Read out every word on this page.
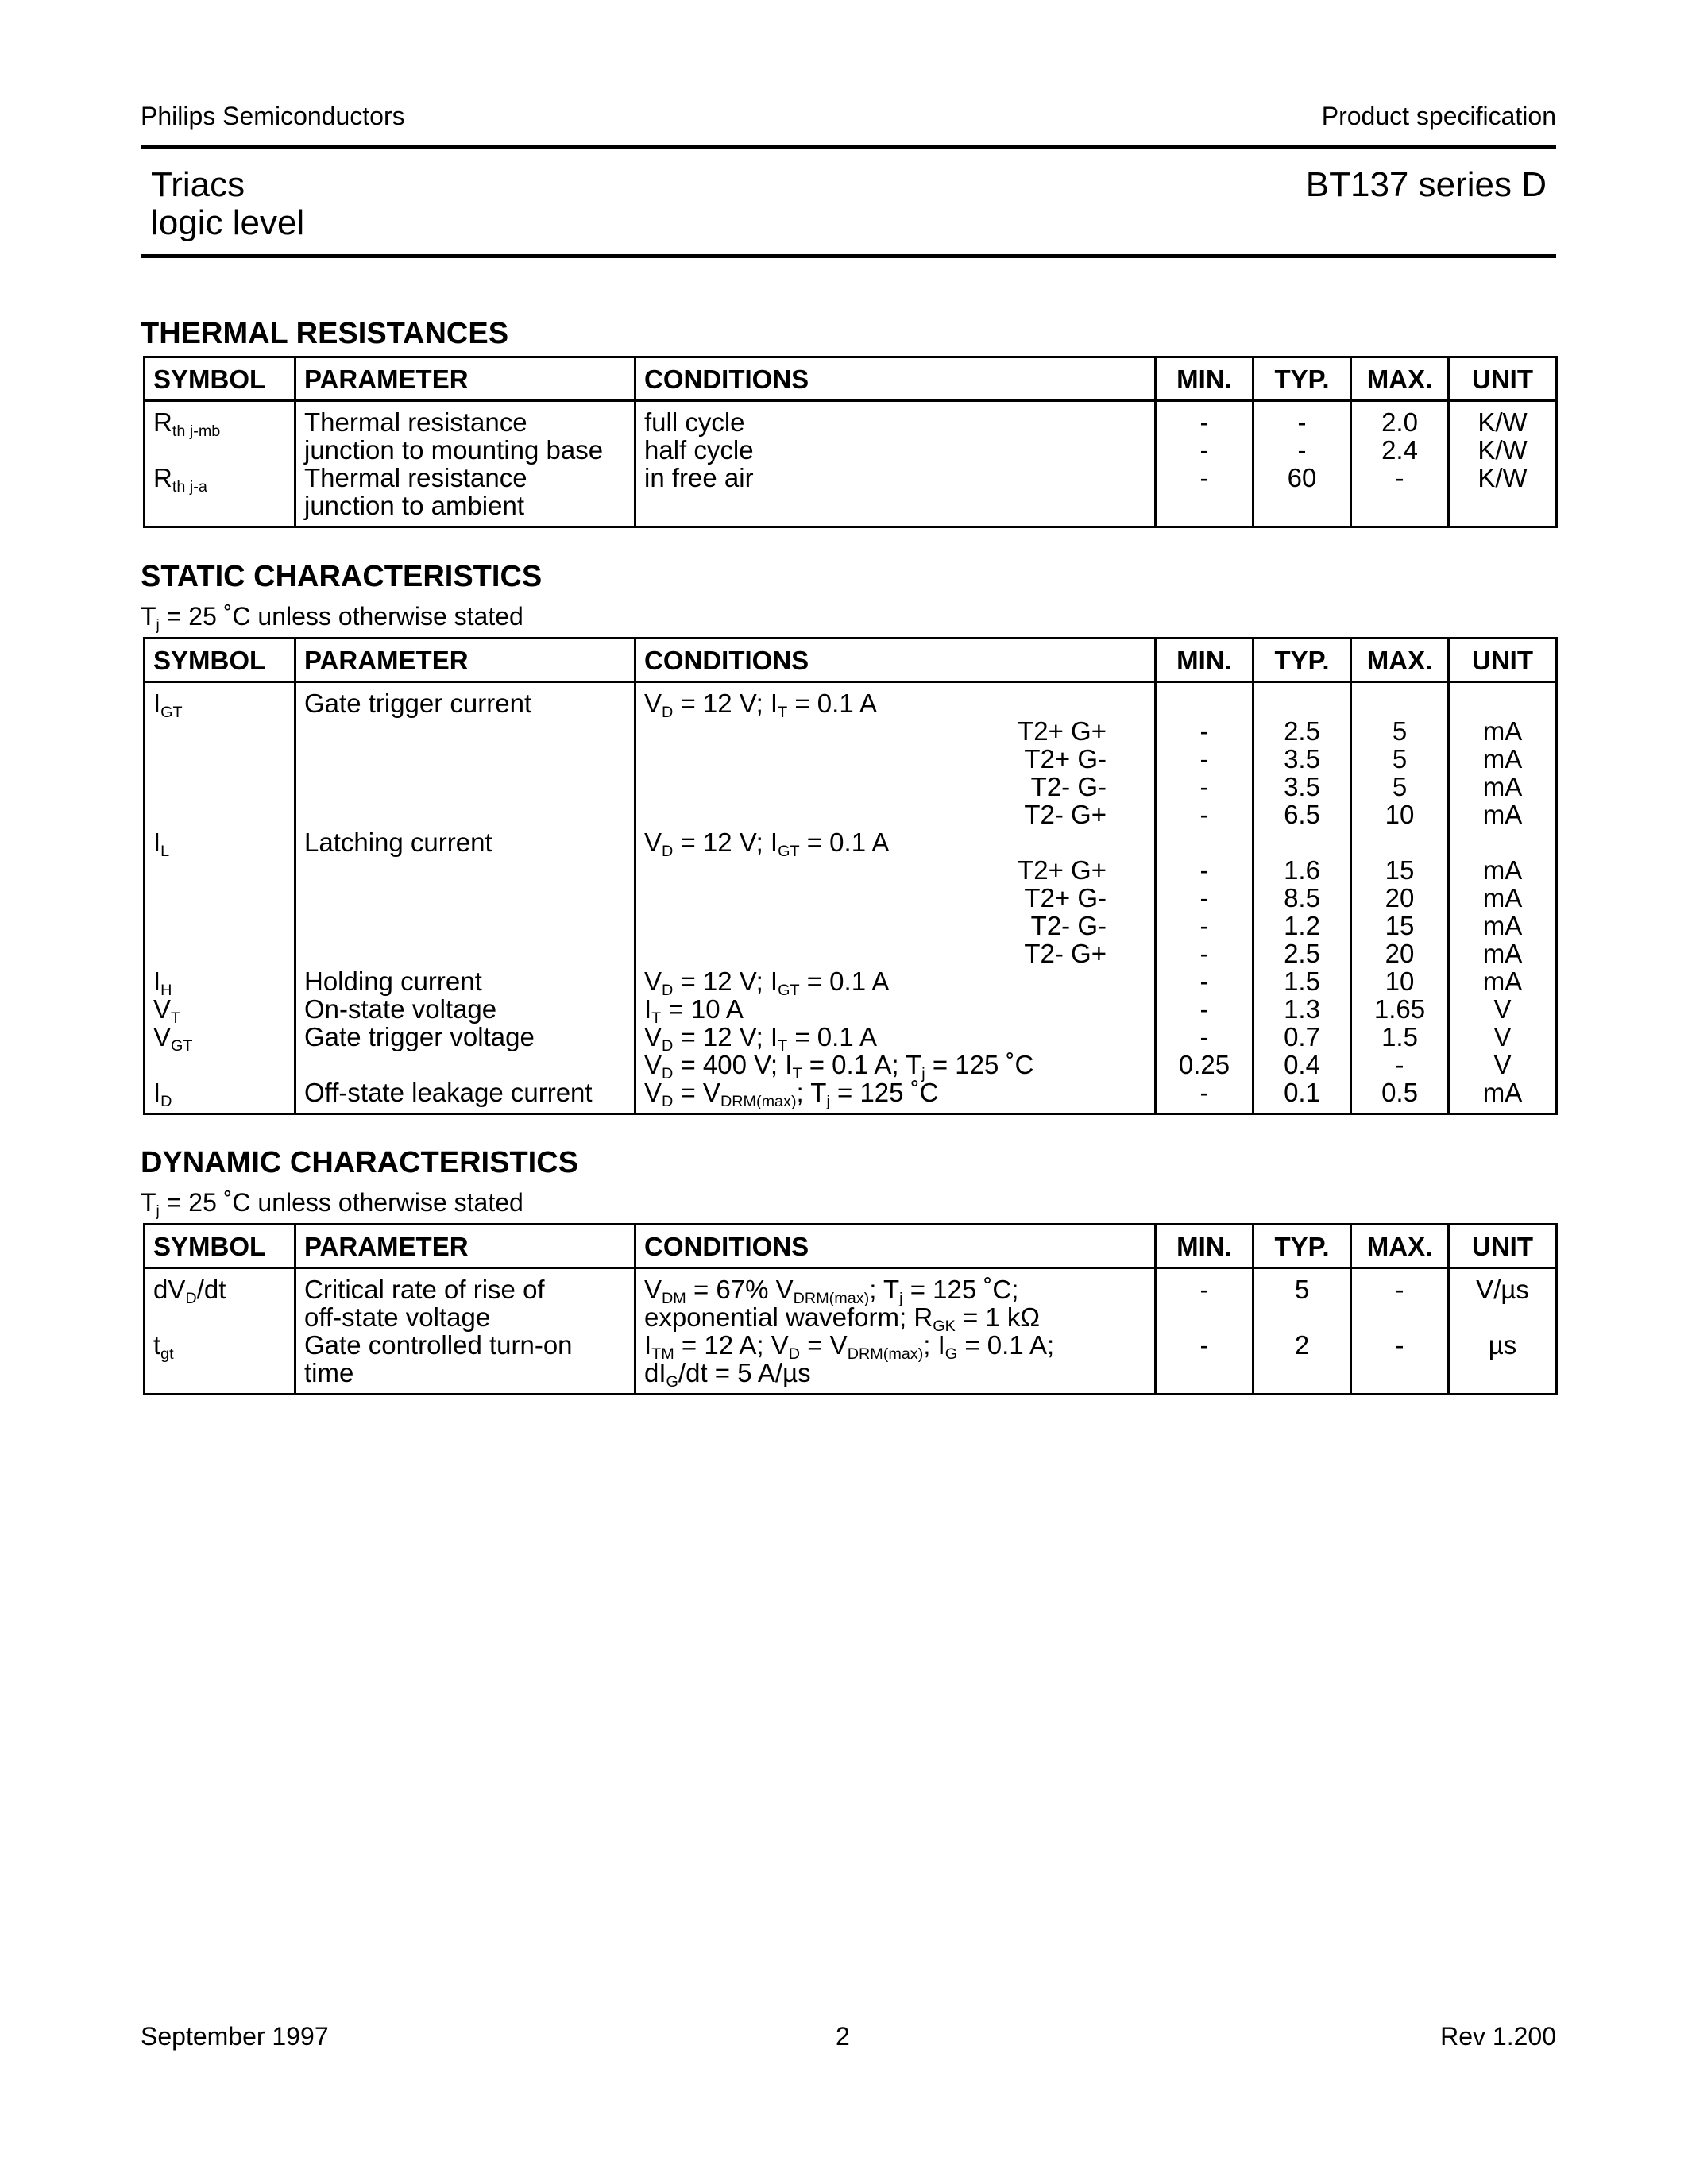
Philips Semiconductors	Product specification
Triacs
logic level
BT137 series D
THERMAL RESISTANCES
SYMBOL	PARAMETER	CONDITIONS	MIN.	TYP.	MAX.	UNIT
$R_{th j-mb}$	Thermal resistance	full cycle	-	-	2.0	K/W
	junction to mounting base	half cycle	-	-	2.4	K/W
$R_{th j-a}$	Thermal resistance	in free air	-	60	-	K/W
	junction to ambient					
STATIC CHARACTERISTICS
$T_j = 25$ ˚C unless otherwise stated
SYMBOL	PARAMETER	CONDITIONS	MIN.	TYP.	MAX.	UNIT
$I_{GT}$	Gate trigger current	$V_D = 12$ V; $I_T = 0.1$ A				
		T2+ G+	-	2.5	5	mA
		T2+ G-	-	3.5	5	mA
		T2- G-	-	3.5	5	mA
		T2- G+	-	6.5	10	mA
$I_L$	Latching current	$V_D = 12$ V; $I_{GT} = 0.1$ A				
		T2+ G+	-	1.6	15	mA
		T2+ G-	-	8.5	20	mA
		T2- G-	-	1.2	15	mA
		T2- G+	-	2.5	20	mA
$I_H$	Holding current	$V_D = 12$ V; $I_{GT} = 0.1$ A	-	1.5	10	mA
$V_T$	On-state voltage	$I_T = 10$ A	-	1.3	1.65	V
$V_{GT}$	Gate trigger voltage	$V_D = 12$ V; $I_T = 0.1$ A	-	0.7	1.5	V
		$V_D = 400$ V; $I_T = 0.1$ A; $T_j = 125$ ˚C	0.25	0.4	-	V
$I_D$	Off-state leakage current	$V_D = V_{DRM(max)}$; $T_j = 125$ ˚C	-	0.1	0.5	mA
DYNAMIC CHARACTERISTICS
$T_j = 25$ ˚C unless otherwise stated
SYMBOL	PARAMETER	CONDITIONS	MIN.	TYP.	MAX.	UNIT
$dV_D/dt$	Critical rate of rise of	$V_{DM} = 67\%$ $V_{DRM(max)}$; $T_j = 125$ ˚C;	-	5	-	V/µs
	off-state voltage	exponential waveform; $R_{GK} = 1$ kΩ				
$t_{gt}$	Gate controlled turn-on	$I_{TM} = 12$ A; $V_D = V_{DRM(max)}$; $I_G = 0.1$ A;	-	2	-	µs
	time	$dI_G/dt = 5$ A/µs				
September 1997	2	Rev 1.200
